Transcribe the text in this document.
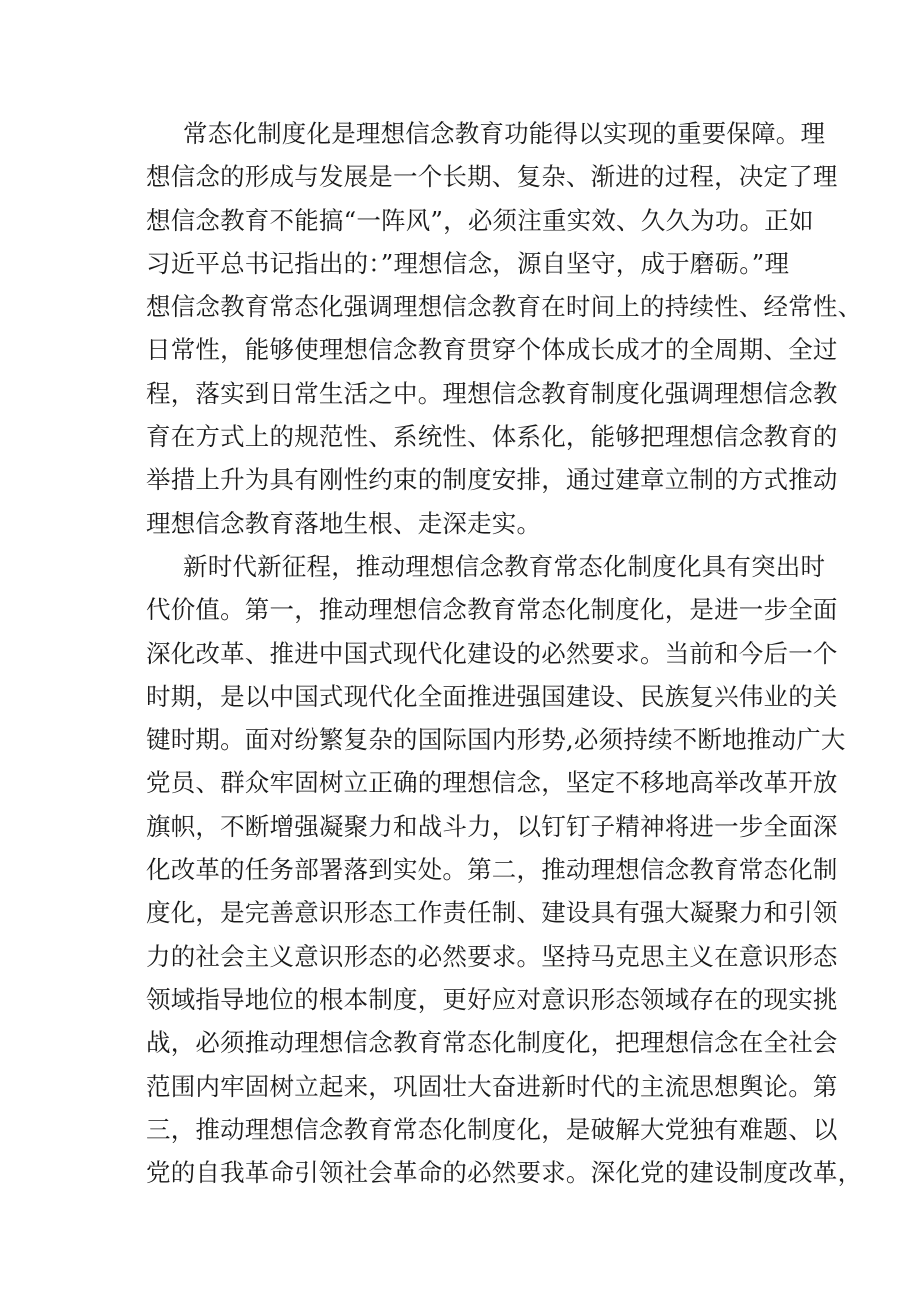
常态化制度化是理想信念教育功能得以实现的重要保障。理
想信念的形成与发展是一个长期、复杂、渐进的过程，决定了理
想信念教育不能搞“一阵风”，必须注重实效、久久为功。正如
习近平总书记指出的：”理想信念，源自坚守，成于磨砺。”理
想信念教育常态化强调理想信念教育在时间上的持续性、经常性、
日常性，能够使理想信念教育贯穿个体成长成才的全周期、全过
程，落实到日常生活之中。理想信念教育制度化强调理想信念教
育在方式上的规范性、系统性、体系化，能够把理想信念教育的
举措上升为具有刚性约束的制度安排，通过建章立制的方式推动
理想信念教育落地生根、走深走实。
新时代新征程，推动理想信念教育常态化制度化具有突出时
代价值。第一，推动理想信念教育常态化制度化，是进一步全面
深化改革、推进中国式现代化建设的必然要求。当前和今后一个
时期，是以中国式现代化全面推进强国建设、民族复兴伟业的关
键时期。面对纷繁复杂的国际国内形势,必须持续不断地推动广大
党员、群众牢固树立正确的理想信念，坚定不移地高举改革开放
旗帜，不断增强凝聚力和战斗力，以钉钉子精神将进一步全面深
化改革的任务部署落到实处。第二，推动理想信念教育常态化制
度化，是完善意识形态工作责任制、建设具有强大凝聚力和引领
力的社会主义意识形态的必然要求。坚持马克思主义在意识形态
领域指导地位的根本制度，更好应对意识形态领域存在的现实挑
战，必须推动理想信念教育常态化制度化，把理想信念在全社会
范围内牢固树立起来，巩固壮大奋进新时代的主流思想舆论。第
三，推动理想信念教育常态化制度化，是破解大党独有难题、以
党的自我革命引领社会革命的必然要求。深化党的建设制度改革，
